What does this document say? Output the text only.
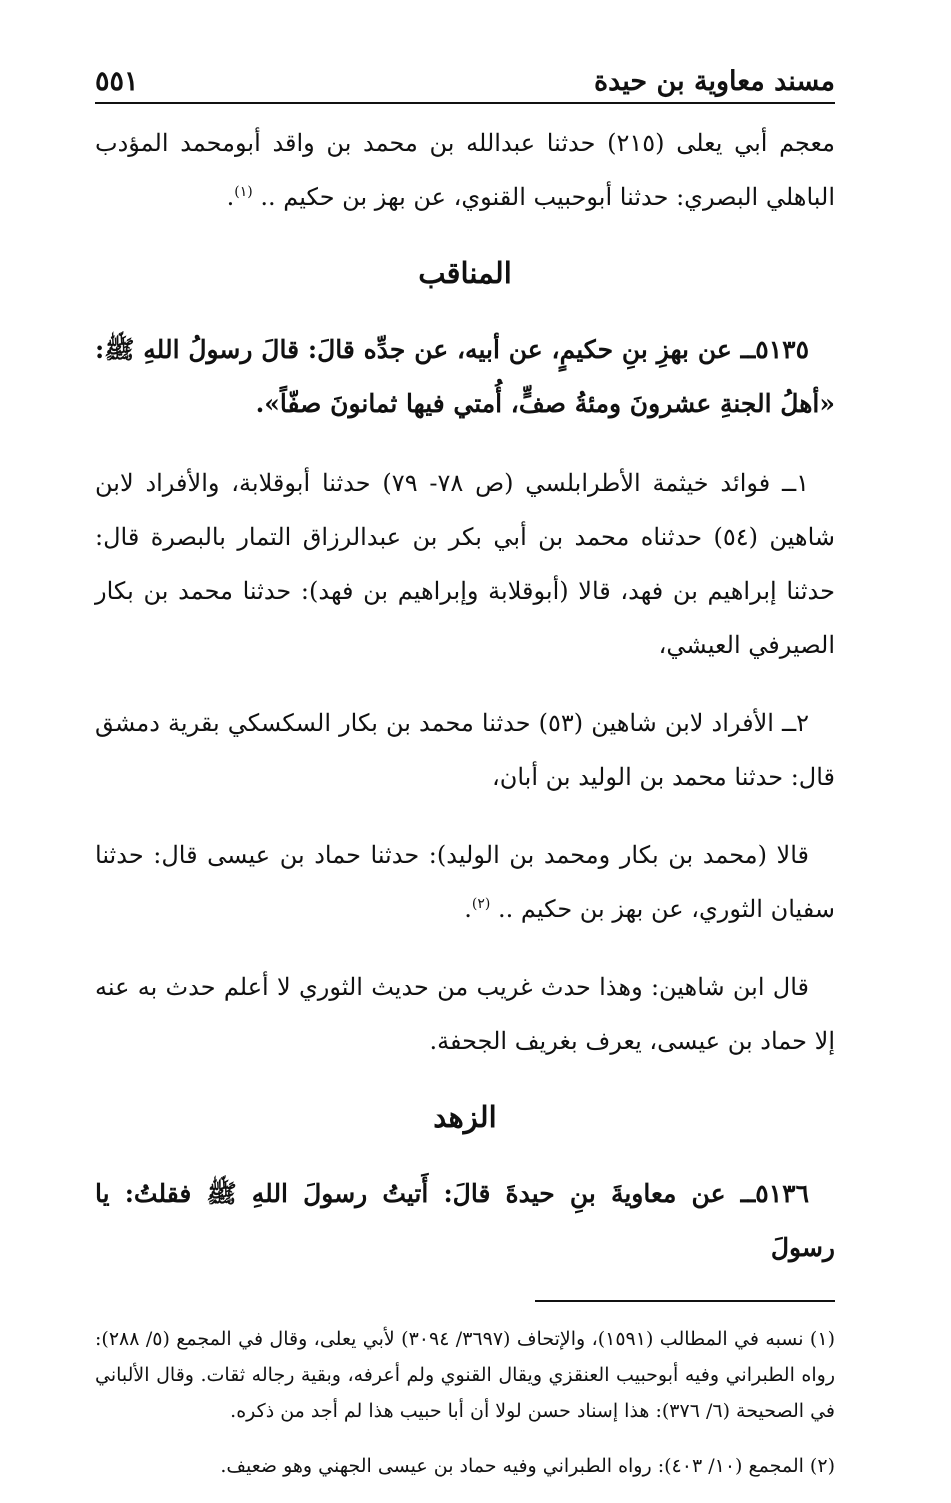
مسند معاوية بن حيدة
٥٥١

معجم أبي يعلى (٢١٥) حدثنا عبدالله بن محمد بن واقد أبومحمد المؤدب الباهلي البصري: حدثنا أبوحبيب القنوي، عن بهز بن حكيم .. $^{(١)}$.

المناقب

٥١٣٥ــ عن بهزِ بنِ حكيمٍ، عن أبيه، عن جدِّه قالَ: قالَ رسولُ اللهِ ﷺ: «أهلُ الجنةِ عشرونَ ومئةُ صفٍّ، أُمتي فيها ثمانونَ صفّاً».

١ــ فوائد خيثمة الأطرابلسي (ص ٧٨- ٧٩) حدثنا أبوقلابة، والأفراد لابن شاهين (٥٤) حدثناه محمد بن أبي بكر بن عبدالرزاق التمار بالبصرة قال: حدثنا إبراهيم بن فهد، قالا (أبوقلابة وإبراهيم بن فهد): حدثنا محمد بن بكار الصيرفي العيشي،

٢ــ الأفراد لابن شاهين (٥٣) حدثنا محمد بن بكار السكسكي بقرية دمشق قال: حدثنا محمد بن الوليد بن أبان،

قالا (محمد بن بكار ومحمد بن الوليد): حدثنا حماد بن عيسى قال: حدثنا سفيان الثوري، عن بهز بن حكيم .. $^{(٢)}$.

قال ابن شاهين: وهذا حدث غريب من حديث الثوري لا أعلم حدث به عنه إلا حماد بن عيسى، يعرف بغريف الجحفة.

الزهد

٥١٣٦ــ عن معاويةَ بنِ حيدةَ قالَ: أَتيتُ رسولَ اللهِ ﷺ فقلتُ: يا رسولَ

(١) نسبه في المطالب (١٥٩١)، والإتحاف (٣٦٩٧/ ٣٠٩٤) لأبي يعلى، وقال في المجمع (٥/ ٢٨٨): رواه الطبراني وفيه أبوحبيب العنقزي ويقال القنوي ولم أعرفه، وبقية رجاله ثقات. وقال الألباني في الصحيحة (٦/ ٣٧٦): هذا إسناد حسن لولا أن أبا حبيب هذا لم أجد من ذكره.

(٢) المجمع (١٠/ ٤٠٣): رواه الطبراني وفيه حماد بن عيسى الجهني وهو ضعيف.
